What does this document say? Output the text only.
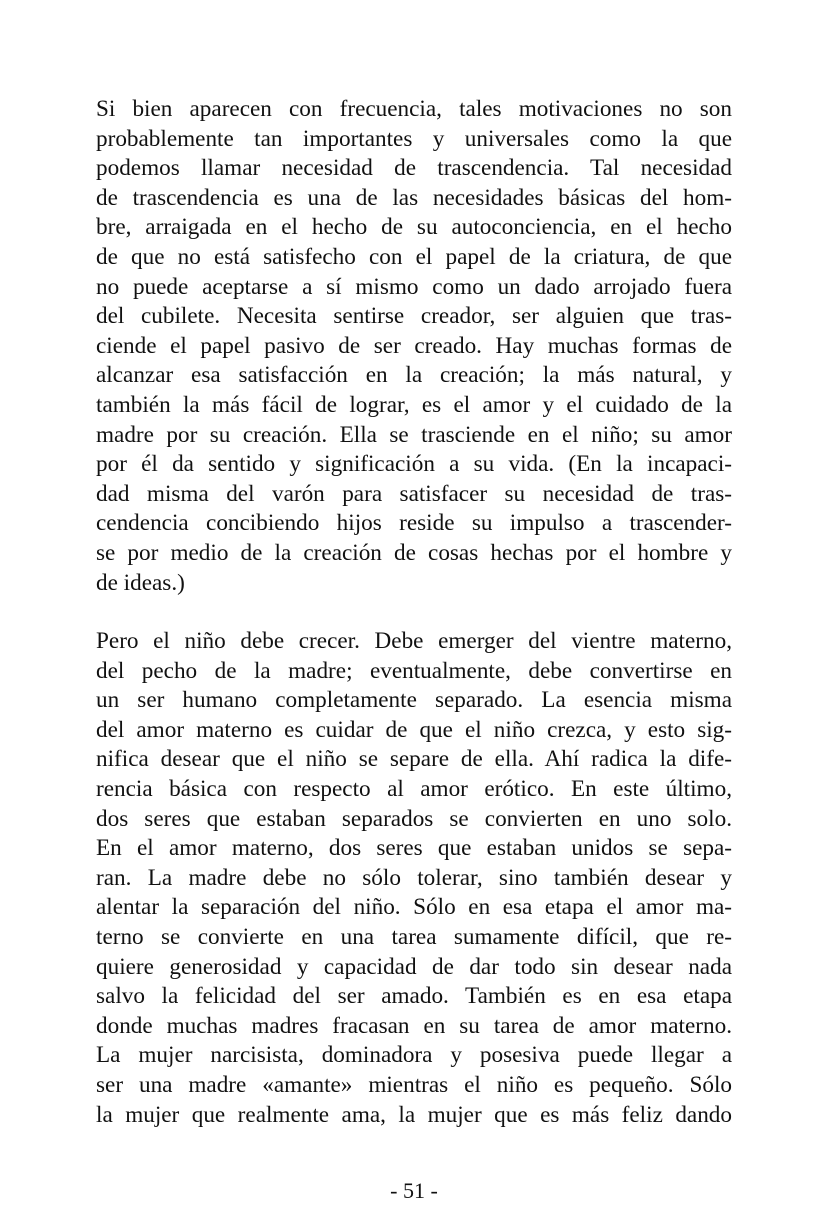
Si bien aparecen con frecuencia, tales motivaciones no son
probablemente tan importantes y universales como la que
podemos llamar necesidad de trascendencia. Tal necesidad
de trascendencia es una de las necesidades básicas del hom-
bre, arraigada en el hecho de su autoconciencia, en el hecho
de que no está satisfecho con el papel de la criatura, de que
no puede aceptarse a sí mismo como un dado arrojado fuera
del cubilete. Necesita sentirse creador, ser alguien que tras-
ciende el papel pasivo de ser creado. Hay muchas formas de
alcanzar esa satisfacción en la creación; la más natural, y
también la más fácil de lograr, es el amor y el cuidado de la
madre por su creación. Ella se trasciende en el niño; su amor
por él da sentido y significación a su vida. (En la incapaci-
dad misma del varón para satisfacer su necesidad de tras-
cendencia concibiendo hijos reside su impulso a trascender-
se por medio de la creación de cosas hechas por el hombre y
de ideas.)
Pero el niño debe crecer. Debe emerger del vientre materno,
del pecho de la madre; eventualmente, debe convertirse en
un ser humano completamente separado. La esencia misma
del amor materno es cuidar de que el niño crezca, y esto sig-
nifica desear que el niño se separe de ella. Ahí radica la dife-
rencia básica con respecto al amor erótico. En este último,
dos seres que estaban separados se convierten en uno solo.
En el amor materno, dos seres que estaban unidos se sepa-
ran. La madre debe no sólo tolerar, sino también desear y
alentar la separación del niño. Sólo en esa etapa el amor ma-
terno se convierte en una tarea sumamente difícil, que re-
quiere generosidad y capacidad de dar todo sin desear nada
salvo la felicidad del ser amado. También es en esa etapa
donde muchas madres fracasan en su tarea de amor materno.
La mujer narcisista, dominadora y posesiva puede llegar a
ser una madre «amante» mientras el niño es pequeño. Sólo
la mujer que realmente ama, la mujer que es más feliz dando
- 51 -
